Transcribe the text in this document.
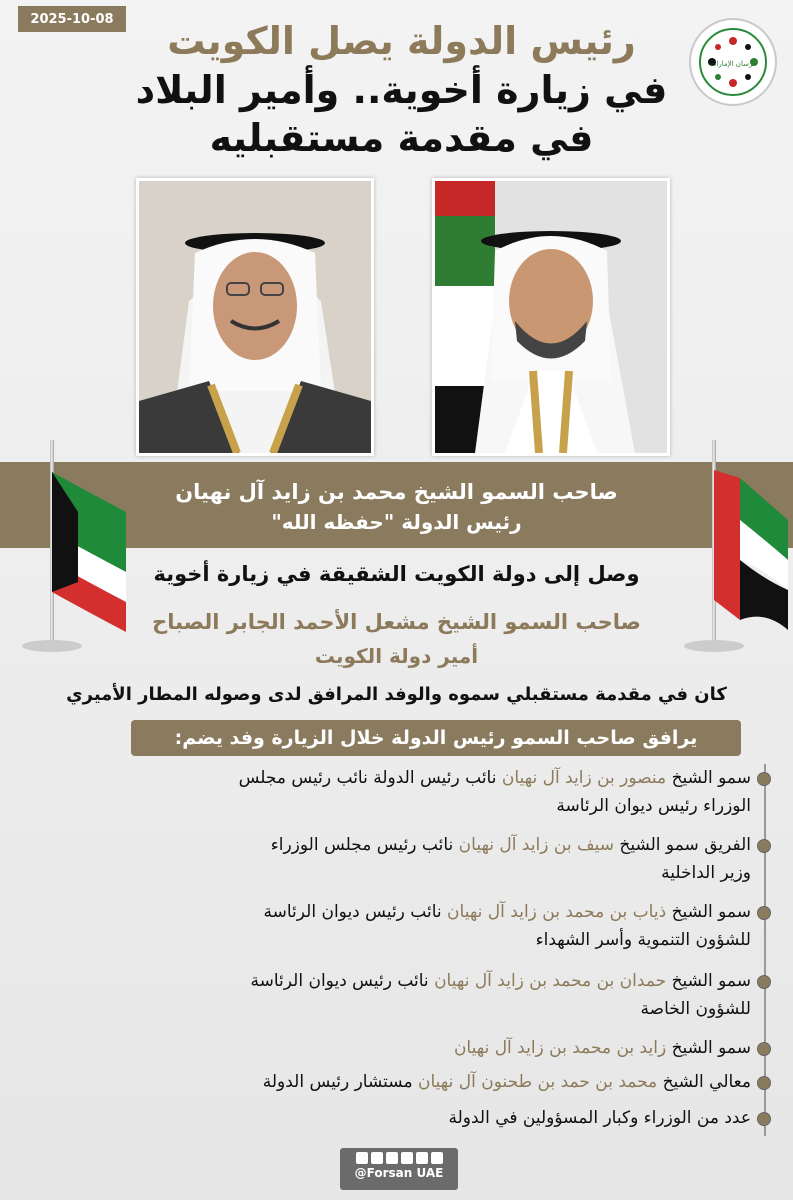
2025-10-08
فرسان الإمارات
رئيس الدولة يصل الكويت
في زيارة أخوية.. وأمير البلاد
في مقدمة مستقبليه
صاحب السمو الشيخ محمد بن زايد آل نهيان
رئيس الدولة "حفظه الله"
وصل إلى دولة الكويت الشقيقة في زيارة أخوية
صاحب السمو الشيخ مشعل الأحمد الجابر الصباح
أمير دولة الكويت
كان في مقدمة مستقبلي سموه والوفد المرافق لدى وصوله المطار الأميري
يرافق صاحب السمو رئيس الدولة خلال الزيارة وفد يضم:
سمو الشيخ منصور بن زايد آل نهيان نائب رئيس الدولة نائب رئيس مجلس
الوزراء رئيس ديوان الرئاسة
الفريق سمو الشيخ سيف بن زايد آل نهيان نائب رئيس مجلس الوزراء
وزير الداخلية
سمو الشيخ ذياب بن محمد بن زايد آل نهيان نائب رئيس ديوان الرئاسة
للشؤون التنموية وأسر الشهداء
سمو الشيخ حمدان بن محمد بن زايد آل نهيان نائب رئيس ديوان الرئاسة
للشؤون الخاصة
سمو الشيخ زايد بن محمد بن زايد آل نهيان
معالي الشيخ محمد بن حمد بن طحنون آل نهيان مستشار رئيس الدولة
عدد من الوزراء وكبار المسؤولين في الدولة
@Forsan UAE
